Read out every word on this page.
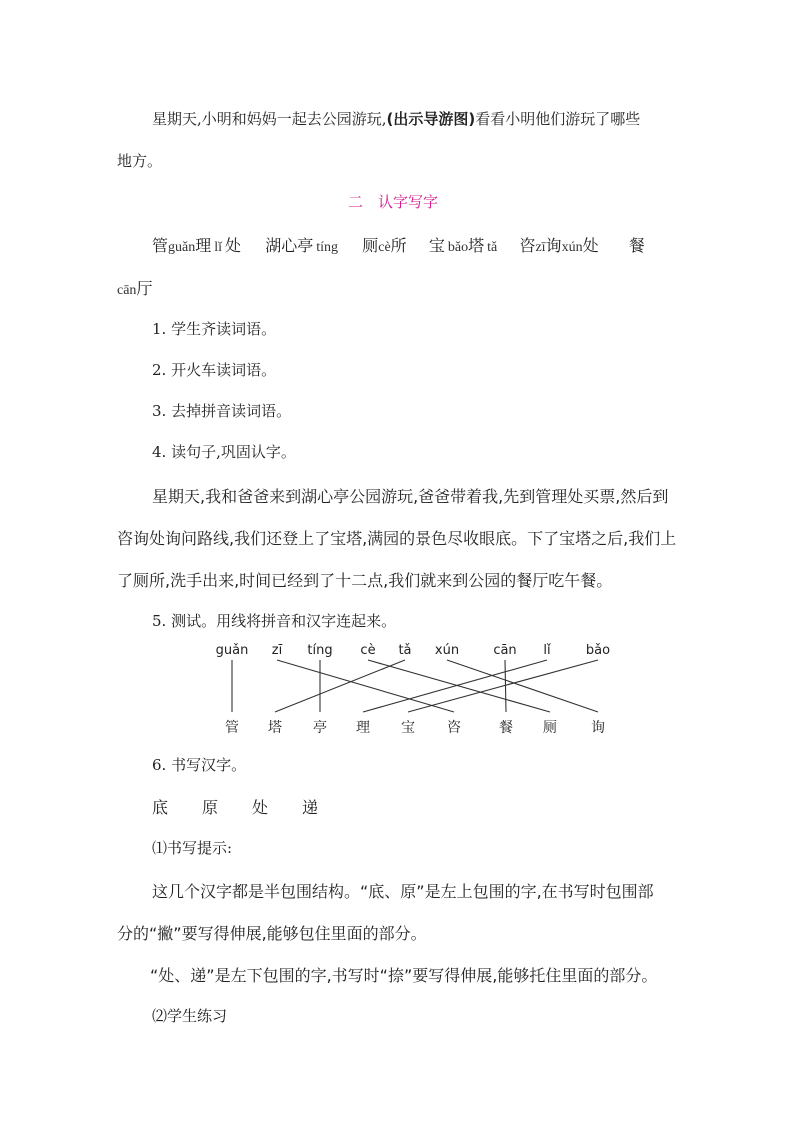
星期天,小明和妈妈一起去公园游玩,(出示导游图)看看小明他们游玩了哪些
地方。
二　认字写字
管guǎn理 lǐ 处 湖心亭 tíng 厕cè所 宝 bǎo塔 tǎ 咨zī询xún处 餐
cān厅
1. 学生齐读词语。
2. 开火车读词语。
3. 去掉拼音读词语。
4. 读句子,巩固认字。
星期天,我和爸爸来到湖心亭公园游玩,爸爸带着我,先到管理处买票,然后到
咨询处询问路线,我们还登上了宝塔,满园的景色尽收眼底。下了宝塔之后,我们上
了厕所,洗手出来,时间已经到了十二点,我们就来到公园的餐厅吃午餐。
5. 测试。用线将拼音和汉字连起来。
guǎn zī tíng cè tǎ xún	cān lǐ	bǎo
管 塔 亭 理 宝 咨	餐 厕 询
6. 书写汉字。
底 原 处 递
⑴书写提示:
这几个汉字都是半包围结构。“底、原”是左上包围的字,在书写时包围部
分的“撇”要写得伸展,能够包住里面的部分。
“处、递”是左下包围的字,书写时“捺”要写得伸展,能够托住里面的部分。
⑵学生练习
